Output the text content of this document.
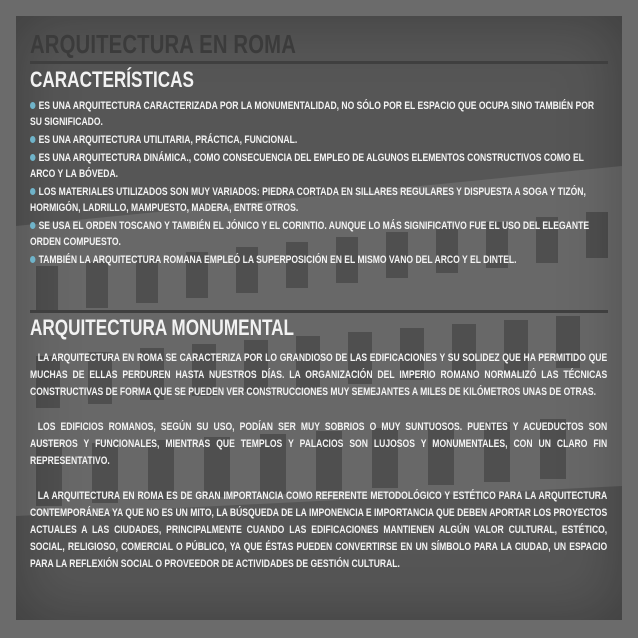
ARQUITECTURA EN ROMA
CARACTERÍSTICAS
ES UNA ARQUITECTURA CARACTERIZADA POR LA MONUMENTALIDAD, NO SÓLO POR EL ESPACIO QUE OCUPA SINO TAMBIÉN POR SU SIGNIFICADO.
ES UNA ARQUITECTURA UTILITARIA, PRÁCTICA, FUNCIONAL.
ES UNA ARQUITECTURA DINÁMICA., COMO CONSECUENCIA DEL EMPLEO DE ALGUNOS ELEMENTOS CONSTRUCTIVOS COMO EL ARCO Y LA BÓVEDA.
LOS MATERIALES UTILIZADOS SON MUY VARIADOS: PIEDRA CORTADA EN SILLARES REGULARES Y DISPUESTA A SOGA Y TIZÓN, HORMIGÓN, LADRILLO, MAMPUESTO, MADERA, ENTRE OTROS.
SE USA EL ORDEN TOSCANO Y TAMBIÉN EL JÓNICO Y EL CORINTIO. AUNQUE LO MÁS SIGNIFICATIVO FUE EL USO DEL ELEGANTE ORDEN COMPUESTO.
TAMBIÉN LA ARQUITECTURA ROMANA EMPLEÓ LA SUPERPOSICIÓN EN EL MISMO VANO DEL ARCO Y EL DINTEL.
ARQUITECTURA MONUMENTAL

LA ARQUITECTURA EN ROMA SE CARACTERIZA POR LO GRANDIOSO DE LAS EDIFICACIONES Y SU SOLIDEZ QUE HA PERMITIDO QUE MUCHAS DE ELLAS PERDUREN HASTA NUESTROS DÍAS. LA ORGANIZACIÓN DEL IMPERIO ROMANO NORMALIZÓ LAS TÉCNICAS CONSTRUCTIVAS DE FORMA QUE SE PUEDEN VER CONSTRUCCIONES MUY SEMEJANTES A MILES DE KILÓMETROS UNAS DE OTRAS.

LOS EDIFICIOS ROMANOS, SEGÚN SU USO, PODÍAN SER MUY SOBRIOS O MUY SUNTUOSOS. PUENTES Y ACUEDUCTOS SON AUSTEROS Y FUNCIONALES, MIENTRAS QUE TEMPLOS Y PALACIOS SON LUJOSOS Y MONUMENTALES, CON UN CLARO FIN REPRESENTATIVO.

LA ARQUITECTURA EN ROMA ES DE GRAN IMPORTANCIA COMO REFERENTE METODOLÓGICO Y ESTÉTICO PARA LA ARQUITECTURA CONTEMPORÁNEA YA QUE NO ES UN MITO, LA BÚSQUEDA DE LA IMPONENCIA E IMPORTANCIA QUE DEBEN APORTAR LOS PROYECTOS ACTUALES A LAS CIUDADES, PRINCIPALMENTE CUANDO LAS EDIFICACIONES MANTIENEN ALGÚN VALOR CULTURAL, ESTÉTICO, SOCIAL, RELIGIOSO, COMERCIAL O PÚBLICO, YA QUE ÉSTAS PUEDEN CONVERTIRSE EN UN SÍMBOLO PARA LA CIUDAD, UN ESPACIO PARA LA REFLEXIÓN SOCIAL O PROVEEDOR DE ACTIVIDADES DE GESTIÓN CULTURAL.
